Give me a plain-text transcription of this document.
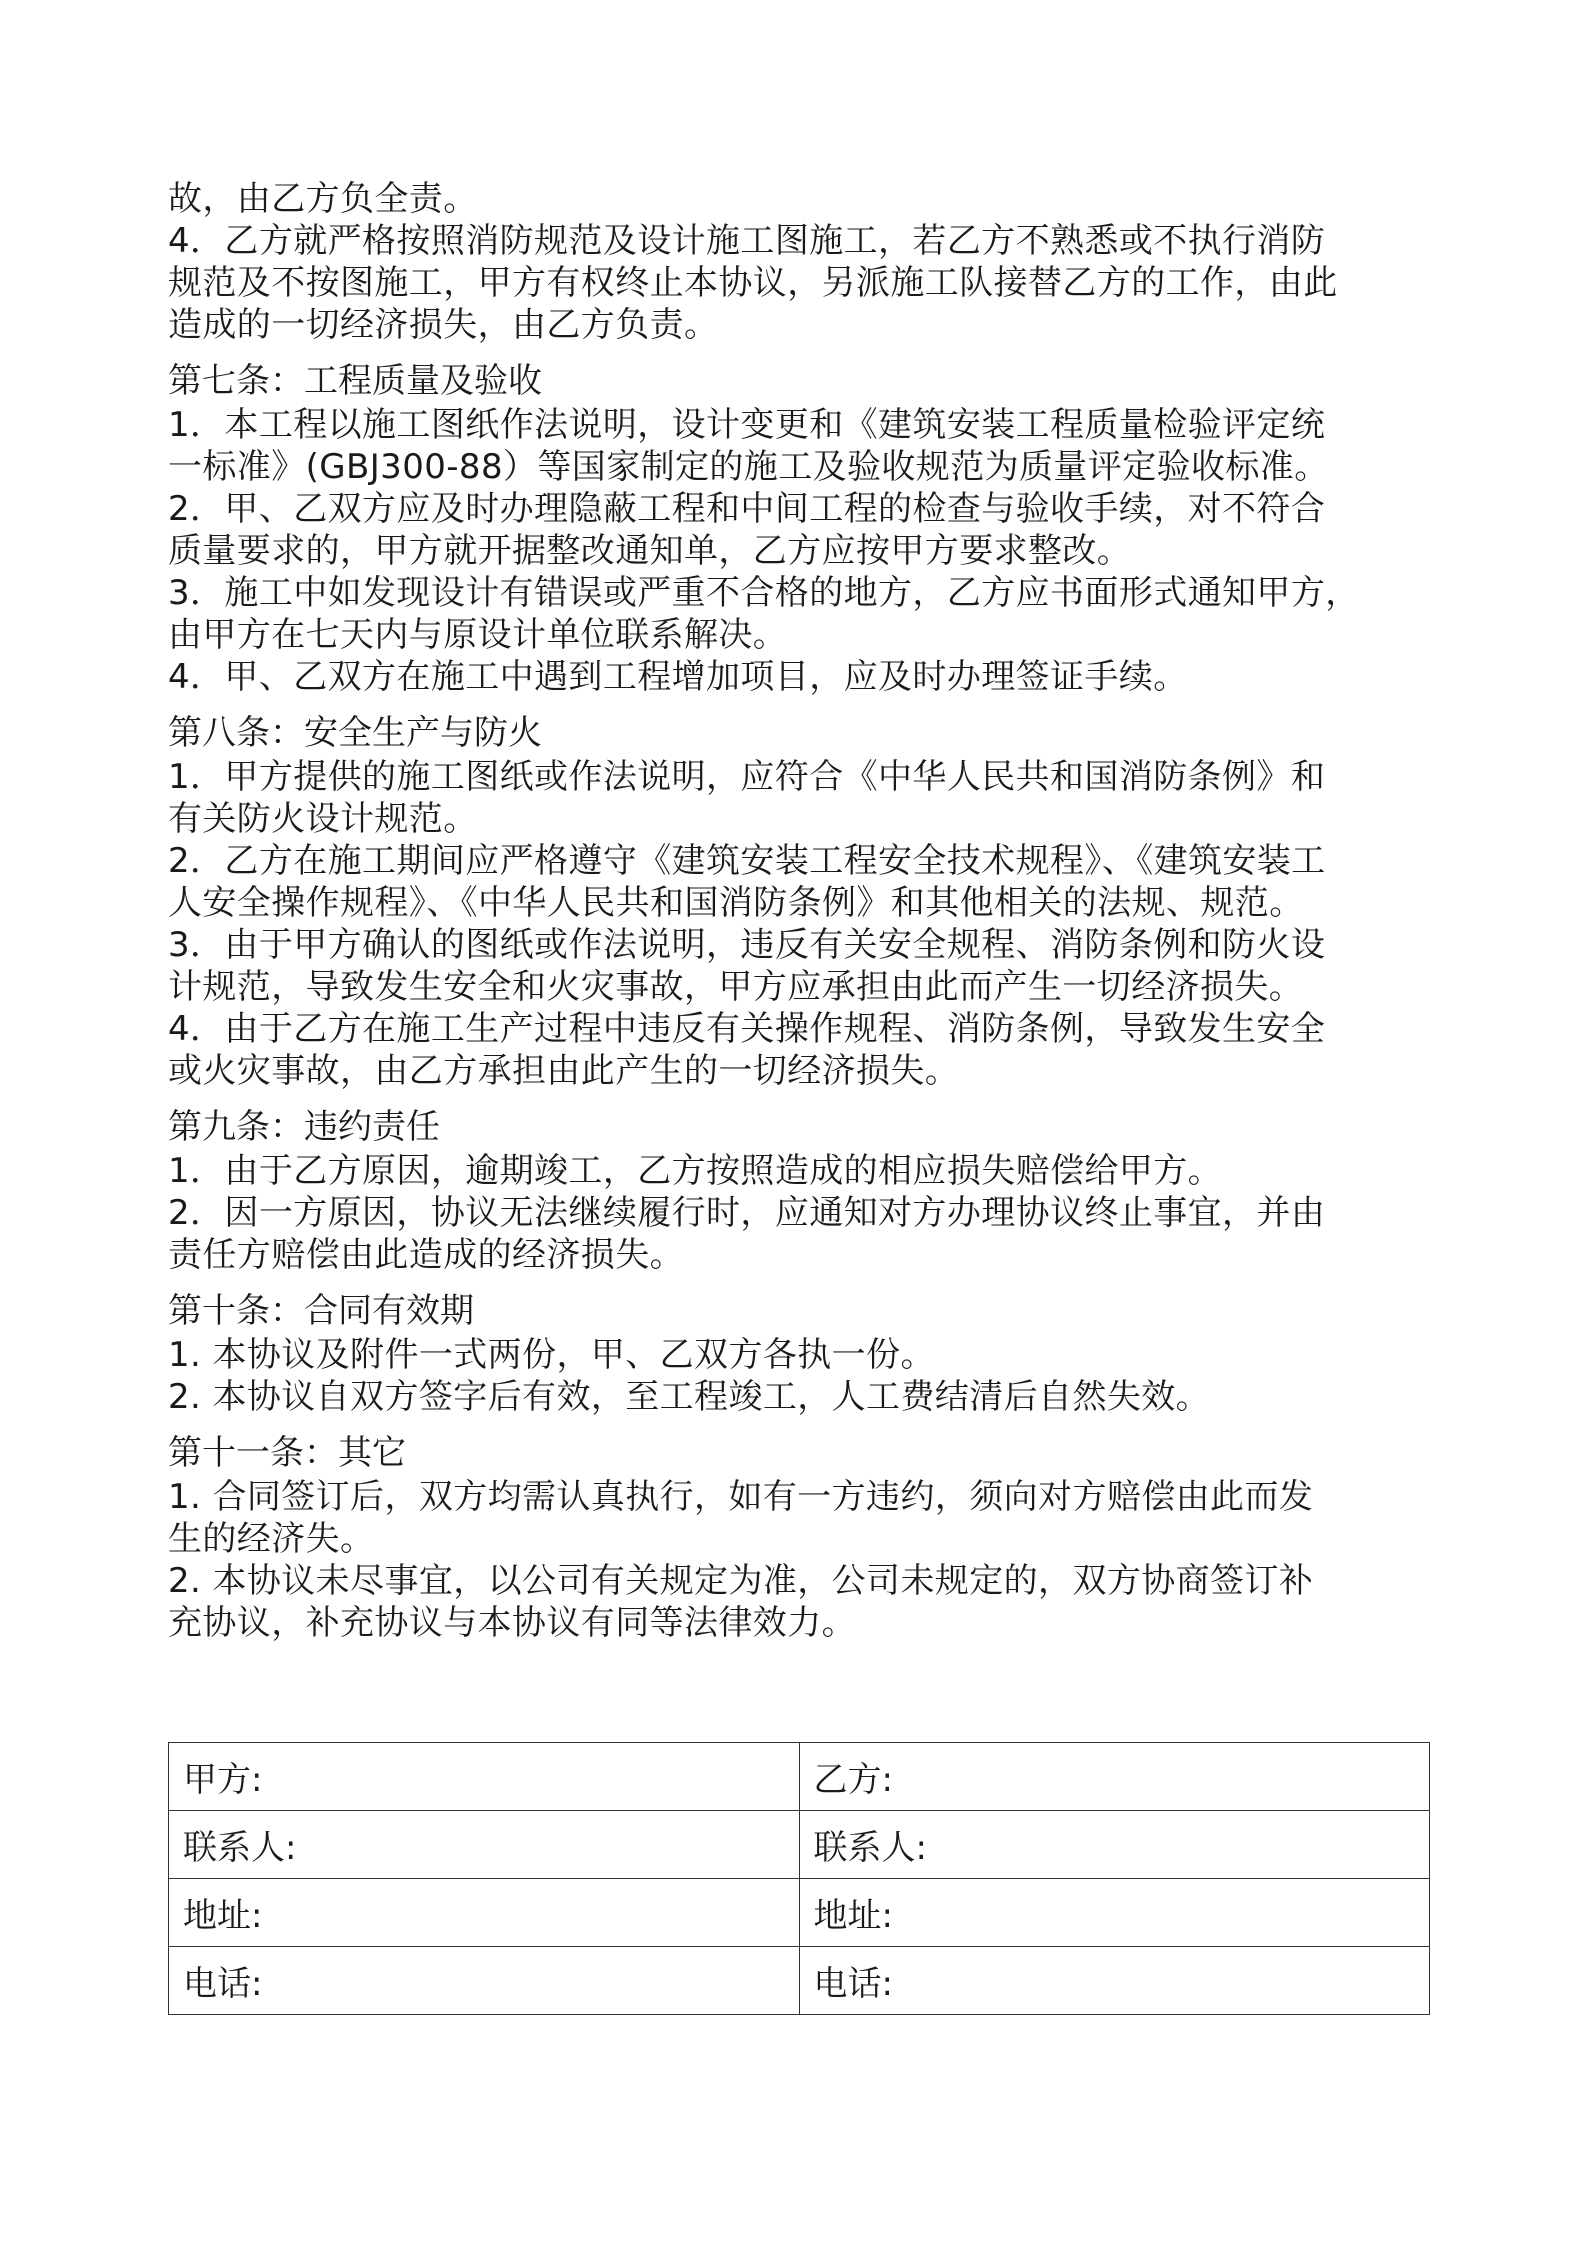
故，由乙方负全责。
4．乙方就严格按照消防规范及设计施工图施工，若乙方不熟悉或不执行消防
规范及不按图施工，甲方有权终止本协议，另派施工队接替乙方的工作，由此
造成的一切经济损失，由乙方负责。
第七条：工程质量及验收
1．本工程以施工图纸作法说明，设计变更和《建筑安装工程质量检验评定统
一标准》(GBJ300-88）等国家制定的施工及验收规范为质量评定验收标准。
2．甲、乙双方应及时办理隐蔽工程和中间工程的检查与验收手续，对不符合
质量要求的，甲方就开据整改通知单，乙方应按甲方要求整改。
3．施工中如发现设计有错误或严重不合格的地方，乙方应书面形式通知甲方，
由甲方在七天内与原设计单位联系解决。
4．甲、乙双方在施工中遇到工程增加项目，应及时办理签证手续。
第八条：安全生产与防火
1．甲方提供的施工图纸或作法说明，应符合《中华人民共和国消防条例》和
有关防火设计规范。
2．乙方在施工期间应严格遵守《建筑安装工程安全技术规程》、《建筑安装工
人安全操作规程》、《中华人民共和国消防条例》和其他相关的法规、规范。
3．由于甲方确认的图纸或作法说明，违反有关安全规程、消防条例和防火设
计规范，导致发生安全和火灾事故，甲方应承担由此而产生一切经济损失。
4．由于乙方在施工生产过程中违反有关操作规程、消防条例，导致发生安全
或火灾事故，由乙方承担由此产生的一切经济损失。
第九条：违约责任
1．由于乙方原因，逾期竣工，乙方按照造成的相应损失赔偿给甲方。
2．因一方原因，协议无法继续履行时，应通知对方办理协议终止事宜，并由
责任方赔偿由此造成的经济损失。
第十条：合同有效期
1. 本协议及附件一式两份，甲、乙双方各执一份。
2. 本协议自双方签字后有效，至工程竣工，人工费结清后自然失效。
第十一条：其它
1. 合同签订后，双方均需认真执行，如有一方违约，须向对方赔偿由此而发
生的经济失。
2. 本协议未尽事宜，以公司有关规定为准，公司未规定的，双方协商签订补
充协议，补充协议与本协议有同等法律效力。
甲方:	乙方:
联系人:	联系人:
地址:	地址:
电话:	电话:
